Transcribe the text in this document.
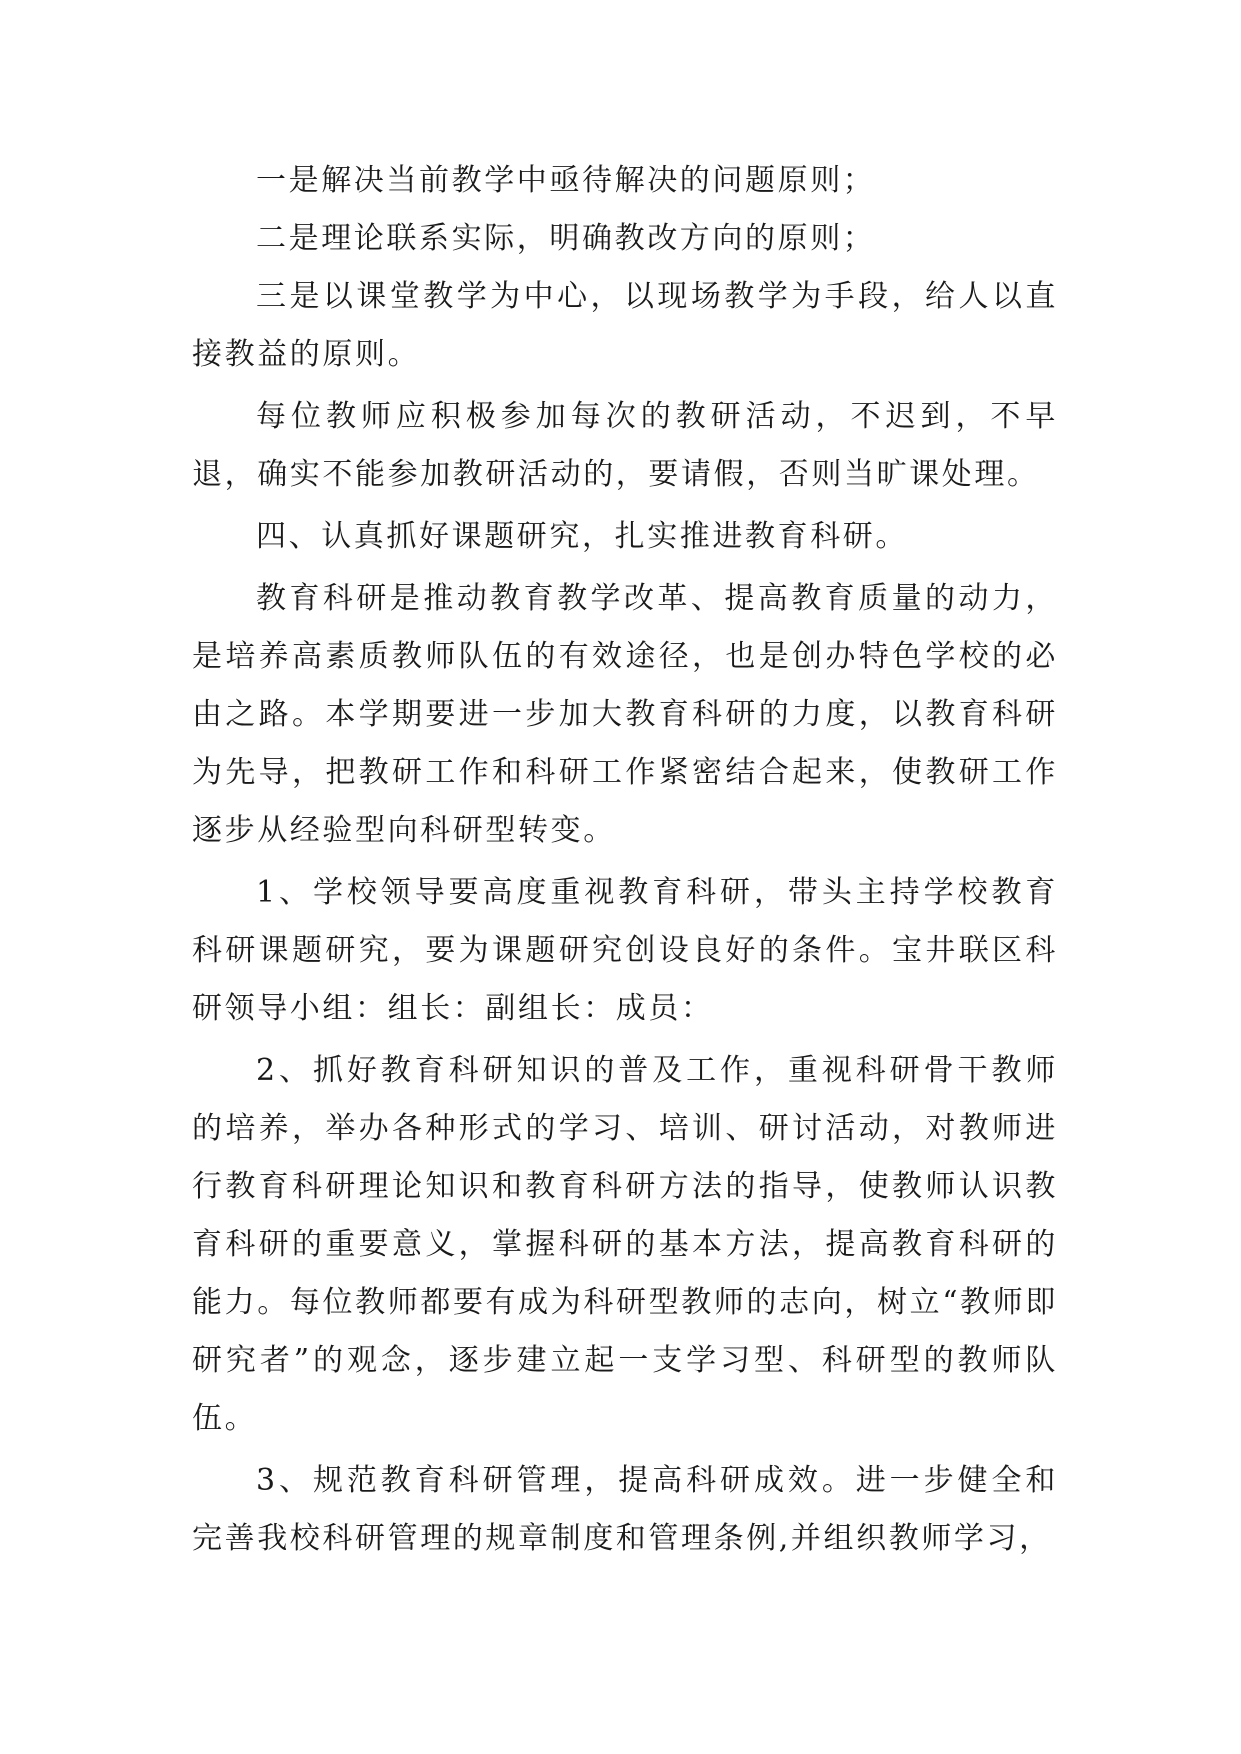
一是解决当前教学中亟待解决的问题原则；

二是理论联系实际，明确教改方向的原则；

三是以课堂教学为中心，以现场教学为手段，给人以直接教益的原则。

每位教师应积极参加每次的教研活动，不迟到，不早退，确实不能参加教研活动的，要请假，否则当旷课处理。

四、认真抓好课题研究，扎实推进教育科研。

教育科研是推动教育教学改革、提高教育质量的动力，是培养高素质教师队伍的有效途径，也是创办特色学校的必由之路。本学期要进一步加大教育科研的力度，以教育科研为先导，把教研工作和科研工作紧密结合起来，使教研工作逐步从经验型向科研型转变。

1、学校领导要高度重视教育科研，带头主持学校教育科研课题研究，要为课题研究创设良好的条件。宝井联区科研领导小组：组长：副组长：成员：

2、抓好教育科研知识的普及工作，重视科研骨干教师的培养，举办各种形式的学习、培训、研讨活动，对教师进行教育科研理论知识和教育科研方法的指导，使教师认识教育科研的重要意义，掌握科研的基本方法，提高教育科研的能力。每位教师都要有成为科研型教师的志向，树立“教师即研究者”的观念，逐步建立起一支学习型、科研型的教师队伍。

3、规范教育科研管理，提高科研成效。进一步健全和完善我校科研管理的规章制度和管理条例,并组织教师学习，
